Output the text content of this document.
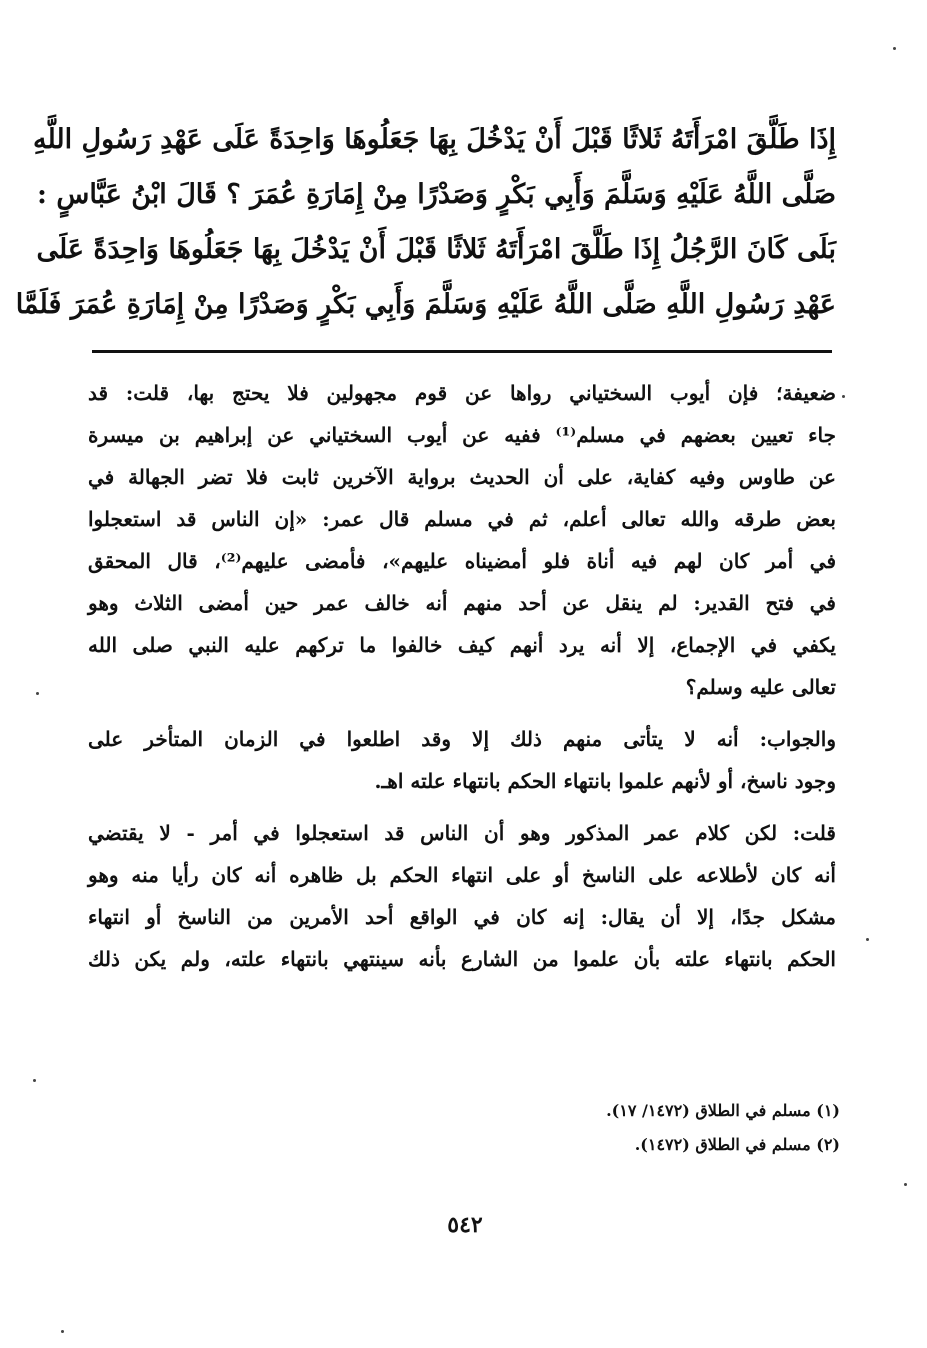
إِذَا طَلَّقَ امْرَأَتَهُ ثَلاثًا قَبْلَ أَنْ يَدْخُلَ بِهَا جَعَلُوهَا وَاحِدَةً عَلَى عَهْدِ رَسُولِ اللَّهِ
صَلَّى اللَّهُ عَلَيْهِ وَسَلَّمَ وَأَبِي بَكْرٍ وَصَدْرًا مِنْ إِمَارَةِ عُمَرَ ؟ قَالَ ابْنُ عَبَّاسٍ :
بَلَى كَانَ الرَّجُلُ إِذَا طَلَّقَ امْرَأَتَهُ ثَلاثًا قَبْلَ أَنْ يَدْخُلَ بِهَا جَعَلُوهَا وَاحِدَةً عَلَى
عَهْدِ رَسُولِ اللَّهِ صَلَّى اللَّهُ عَلَيْهِ وَسَلَّمَ وَأَبِي بَكْرٍ وَصَدْرًا مِنْ إِمَارَةِ عُمَرَ فَلَمَّا
ضعيفة؛ فإن أيوب السختياني رواها عن قوم مجهولين فلا يحتج بها، قلت: قد
جاء تعيين بعضهم في مسلم⁽¹⁾ ففيه عن أيوب السختياني عن إبراهيم بن ميسرة
عن طاوس وفيه كفاية، على أن الحديث برواية الآخرين ثابت فلا تضر الجهالة في
بعض طرقه والله تعالى أعلم، ثم في مسلم قال عمر: «إن الناس قد استعجلوا
في أمر كان لهم فيه أناة فلو أمضيناه عليهم»، فأمضى عليهم⁽²⁾، قال المحقق
في فتح القدير: لم ينقل عن أحد منهم أنه خالف عمر حين أمضى الثلاث وهو
يكفي في الإجماع، إلا أنه يرد أنهم كيف خالفوا ما تركهم عليه النبي صلى الله
تعالى عليه وسلم؟
والجواب: أنه لا يتأتى منهم ذلك إلا وقد اطلعوا في الزمان المتأخر على
وجود ناسخ، أو لأنهم علموا بانتهاء الحكم بانتهاء علته اهـ.
قلت: لكن كلام عمر المذكور وهو أن الناس قد استعجلوا في أمر - لا يقتضي
أنه كان لأطلاعه على الناسخ أو على انتهاء الحكم بل ظاهره أنه كان رأيا منه وهو
مشكل جدًا، إلا أن يقال: إنه كان في الواقع أحد الأمرين من الناسخ أو انتهاء
الحكم بانتهاء علته بأن علموا من الشارع بأنه سينتهي بانتهاء علته، ولم يكن ذلك
(١) مسلم في الطلاق (١٤٧٢/ ١٧).
(٢) مسلم في الطلاق (١٤٧٢).
٥٤٢
